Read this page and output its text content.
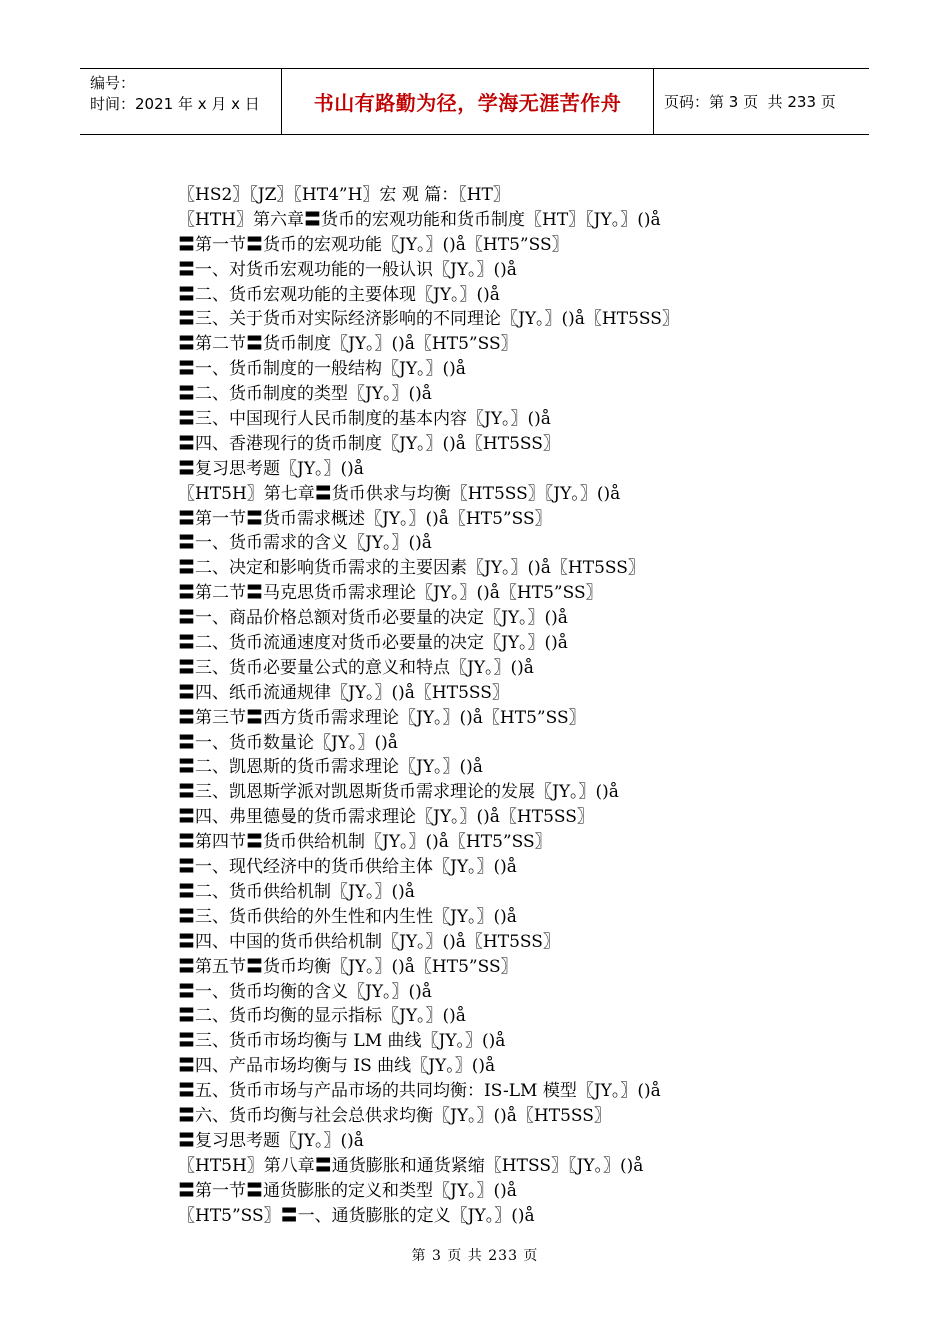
编号：
时间：2021 年 x 月 x 日	书山有路勤为径，学海无涯苦作舟	页码：第 3 页  共 233 页
〖HS2〗〖JZ〗〖HT4”H〗宏 观 篇：〖HT〗
〖HTH〗第六章〓货币的宏观功能和货币制度〖HT〗〖JY。〗()å
〓第一节〓货币的宏观功能〖JY。〗()å〖HT5”SS〗
〓一、对货币宏观功能的一般认识〖JY。〗()å
〓二、货币宏观功能的主要体现〖JY。〗()å
〓三、关于货币对实际经济影响的不同理论〖JY。〗()å〖HT5SS〗
〓第二节〓货币制度〖JY。〗()å〖HT5”SS〗
〓一、货币制度的一般结构〖JY。〗()å
〓二、货币制度的类型〖JY。〗()å
〓三、中国现行人民币制度的基本内容〖JY。〗()å
〓四、香港现行的货币制度〖JY。〗()å〖HT5SS〗
〓复习思考题〖JY。〗()å
〖HT5H〗第七章〓货币供求与均衡〖HT5SS〗〖JY。〗()å
〓第一节〓货币需求概述〖JY。〗()å〖HT5”SS〗
〓一、货币需求的含义〖JY。〗()å
〓二、决定和影响货币需求的主要因素〖JY。〗()å〖HT5SS〗
〓第二节〓马克思货币需求理论〖JY。〗()å〖HT5”SS〗
〓一、商品价格总额对货币必要量的决定〖JY。〗()å
〓二、货币流通速度对货币必要量的决定〖JY。〗()å
〓三、货币必要量公式的意义和特点〖JY。〗()å
〓四、纸币流通规律〖JY。〗()å〖HT5SS〗
〓第三节〓西方货币需求理论〖JY。〗()å〖HT5”SS〗
〓一、货币数量论〖JY。〗()å
〓二、凯恩斯的货币需求理论〖JY。〗()å
〓三、凯恩斯学派对凯恩斯货币需求理论的发展〖JY。〗()å
〓四、弗里德曼的货币需求理论〖JY。〗()å〖HT5SS〗
〓第四节〓货币供给机制〖JY。〗()å〖HT5”SS〗
〓一、现代经济中的货币供给主体〖JY。〗()å
〓二、货币供给机制〖JY。〗()å
〓三、货币供给的外生性和内生性〖JY。〗()å
〓四、中国的货币供给机制〖JY。〗()å〖HT5SS〗
〓第五节〓货币均衡〖JY。〗()å〖HT5”SS〗
〓一、货币均衡的含义〖JY。〗()å
〓二、货币均衡的显示指标〖JY。〗()å
〓三、货币市场均衡与 LM 曲线〖JY。〗()å
〓四、产品市场均衡与 IS 曲线〖JY。〗()å
〓五、货币市场与产品市场的共同均衡：IS-LM 模型〖JY。〗()å
〓六、货币均衡与社会总供求均衡〖JY。〗()å〖HT5SS〗
〓复习思考题〖JY。〗()å
〖HT5H〗第八章〓通货膨胀和通货紧缩〖HTSS〗〖JY。〗()å
〓第一节〓通货膨胀的定义和类型〖JY。〗()å
〖HT5”SS〗〓一、通货膨胀的定义〖JY。〗()å
第 3 页 共 233 页
